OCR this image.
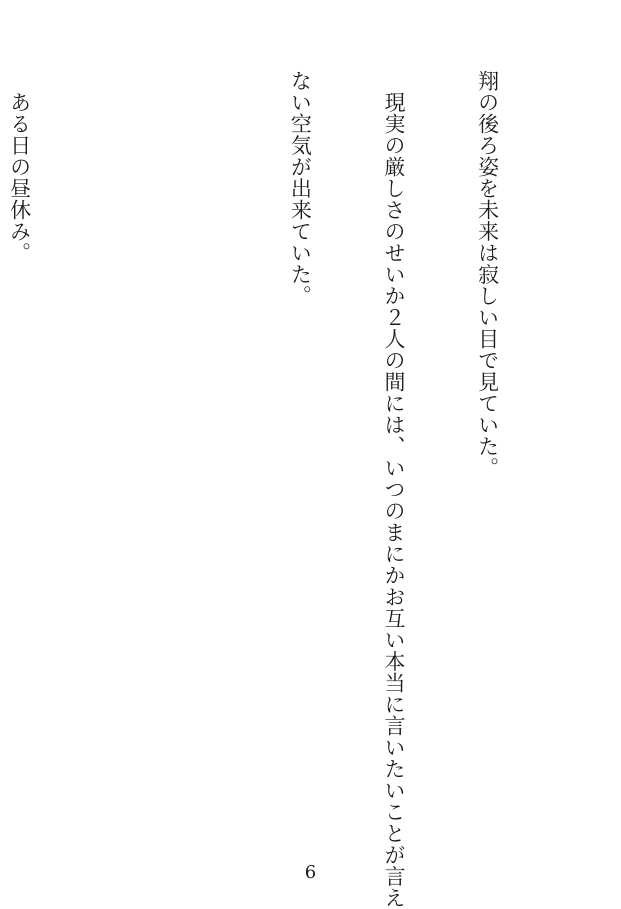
翔の後ろ姿を未来は寂しい目で見ていた。

　現実の厳しさのせいか２人の間には、いつのまにかお互い本当に言いたいことが言え

ない空気が出来ていた。

　ある日の昼休み。

6
